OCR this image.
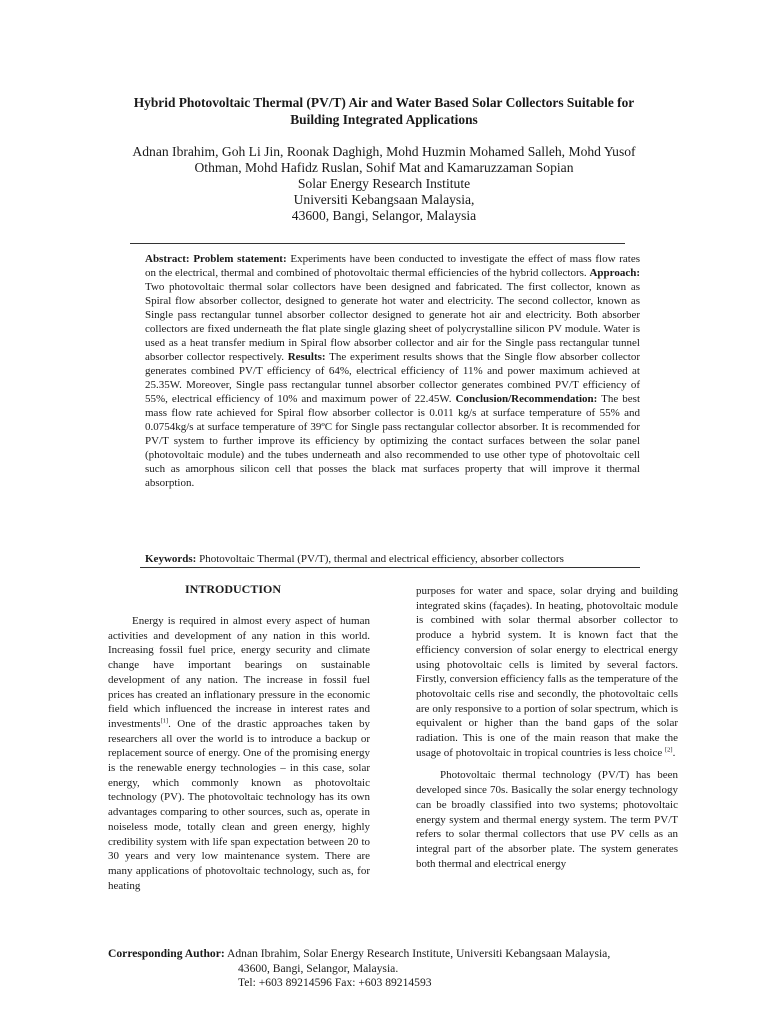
Hybrid Photovoltaic Thermal (PV/T) Air and Water Based Solar Collectors Suitable for
Building Integrated Applications
Adnan Ibrahim, Goh Li Jin, Roonak Daghigh, Mohd Huzmin Mohamed Salleh, Mohd Yusof
Othman, Mohd Hafidz Ruslan, Sohif Mat and Kamaruzzaman Sopian
Solar Energy Research Institute
Universiti Kebangsaan Malaysia,
43600, Bangi, Selangor, Malaysia
Abstract: Problem statement: Experiments have been conducted to investigate the effect of mass flow rates on the electrical, thermal and combined of photovoltaic thermal efficiencies of the hybrid collectors. Approach: Two photovoltaic thermal solar collectors have been designed and fabricated. The first collector, known as Spiral flow absorber collector, designed to generate hot water and electricity. The second collector, known as Single pass rectangular tunnel absorber collector designed to generate hot air and electricity. Both absorber collectors are fixed underneath the flat plate single glazing sheet of polycrystalline silicon PV module. Water is used as a heat transfer medium in Spiral flow absorber collector and air for the Single pass rectangular tunnel absorber collector respectively. Results: The experiment results shows that the Single flow absorber collector generates combined PV/T efficiency of 64%, electrical efficiency of 11% and power maximum achieved at 25.35W. Moreover, Single pass rectangular tunnel absorber collector generates combined PV/T efficiency of 55%, electrical efficiency of 10% and maximum power of 22.45W. Conclusion/Recommendation: The best mass flow rate achieved for Spiral flow absorber collector is 0.011 kg/s at surface temperature of 55% and 0.0754kg/s at surface temperature of 39ºC for Single pass rectangular collector absorber. It is recommended for PV/T system to further improve its efficiency by optimizing the contact surfaces between the solar panel (photovoltaic module) and the tubes underneath and also recommended to use other type of photovoltaic cell such as amorphous silicon cell that posses the black mat surfaces property that will improve it thermal absorption.
Keywords: Photovoltaic Thermal (PV/T), thermal and electrical efficiency, absorber collectors
INTRODUCTION

Energy is required in almost every aspect of human activities and development of any nation in this world. Increasing fossil fuel price, energy security and climate change have important bearings on sustainable development of any nation. The increase in fossil fuel prices has created an inflationary pressure in the economic field which influenced the increase in interest rates and investments[1]. One of the drastic approaches taken by researchers all over the world is to introduce a backup or replacement source of energy. One of the promising energy is the renewable energy technologies – in this case, solar energy, which commonly known as photovoltaic technology (PV). The photovoltaic technology has its own advantages comparing to other sources, such as, operate in noiseless mode, totally clean and green energy, highly credibility system with life span expectation between 20 to 30 years and very low maintenance system. There are many applications of photovoltaic technology, such as, for heating

purposes for water and space, solar drying and building integrated skins (façades). In heating, photovoltaic module is combined with solar thermal absorber collector to produce a hybrid system. It is known fact that the efficiency conversion of solar energy to electrical energy using photovoltaic cells is limited by several factors. Firstly, conversion efficiency falls as the temperature of the photovoltaic cells rise and secondly, the photovoltaic cells are only responsive to a portion of solar spectrum, which is equivalent or higher than the band gaps of the solar radiation. This is one of the main reason that make the usage of photovoltaic in tropical countries is less choice [2].

Photovoltaic thermal technology (PV/T) has been developed since 70s. Basically the solar energy technology can be broadly classified into two systems; photovoltaic energy system and thermal energy system. The term PV/T refers to solar thermal collectors that use PV cells as an integral part of the absorber plate. The system generates both thermal and electrical energy

Corresponding Author: Adnan Ibrahim, Solar Energy Research Institute, Universiti Kebangsaan Malaysia,
43600, Bangi, Selangor, Malaysia.
Tel: +603 89214596 Fax: +603 89214593
